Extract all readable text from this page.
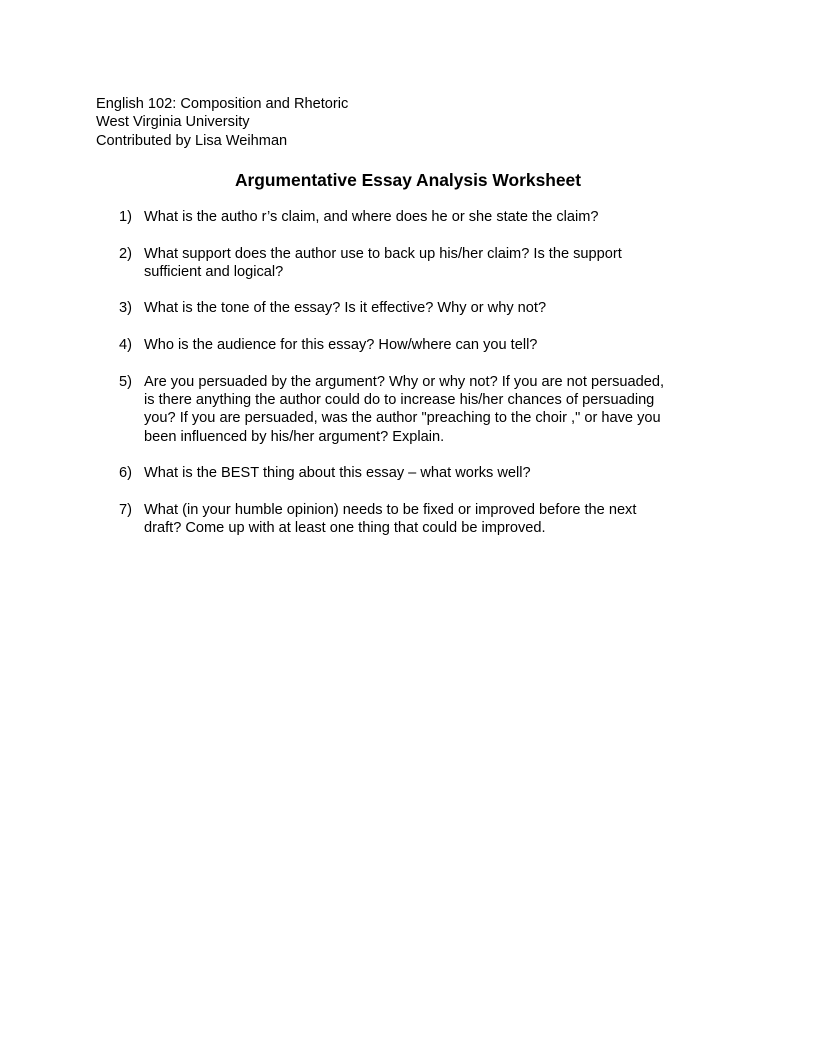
English 102: Composition and Rhetoric
West Virginia University
Contributed by Lisa Weihman
Argumentative Essay Analysis Worksheet
1) What is the autho r’s claim, and where does he or she state the claim?
2) What support does the author use to back up his/her claim? Is the support
sufficient and logical?
3) What is the tone of the essay? Is it effective? Why or why not?
4) Who is the audience for this essay? How/where can you tell?
5) Are you persuaded by the argument? Why or why not? If you are not persuaded,
is there anything the author could do to increase his/her chances of persuading
you? If you are persuaded, was the author "preaching to the choir ," or have you
been influenced by his/her argument? Explain.
6) What is the BEST thing about this essay – what works well?
7) What (in your humble opinion) needs to be fixed or improved before the next
draft? Come up with at least one thing that could be improved.
